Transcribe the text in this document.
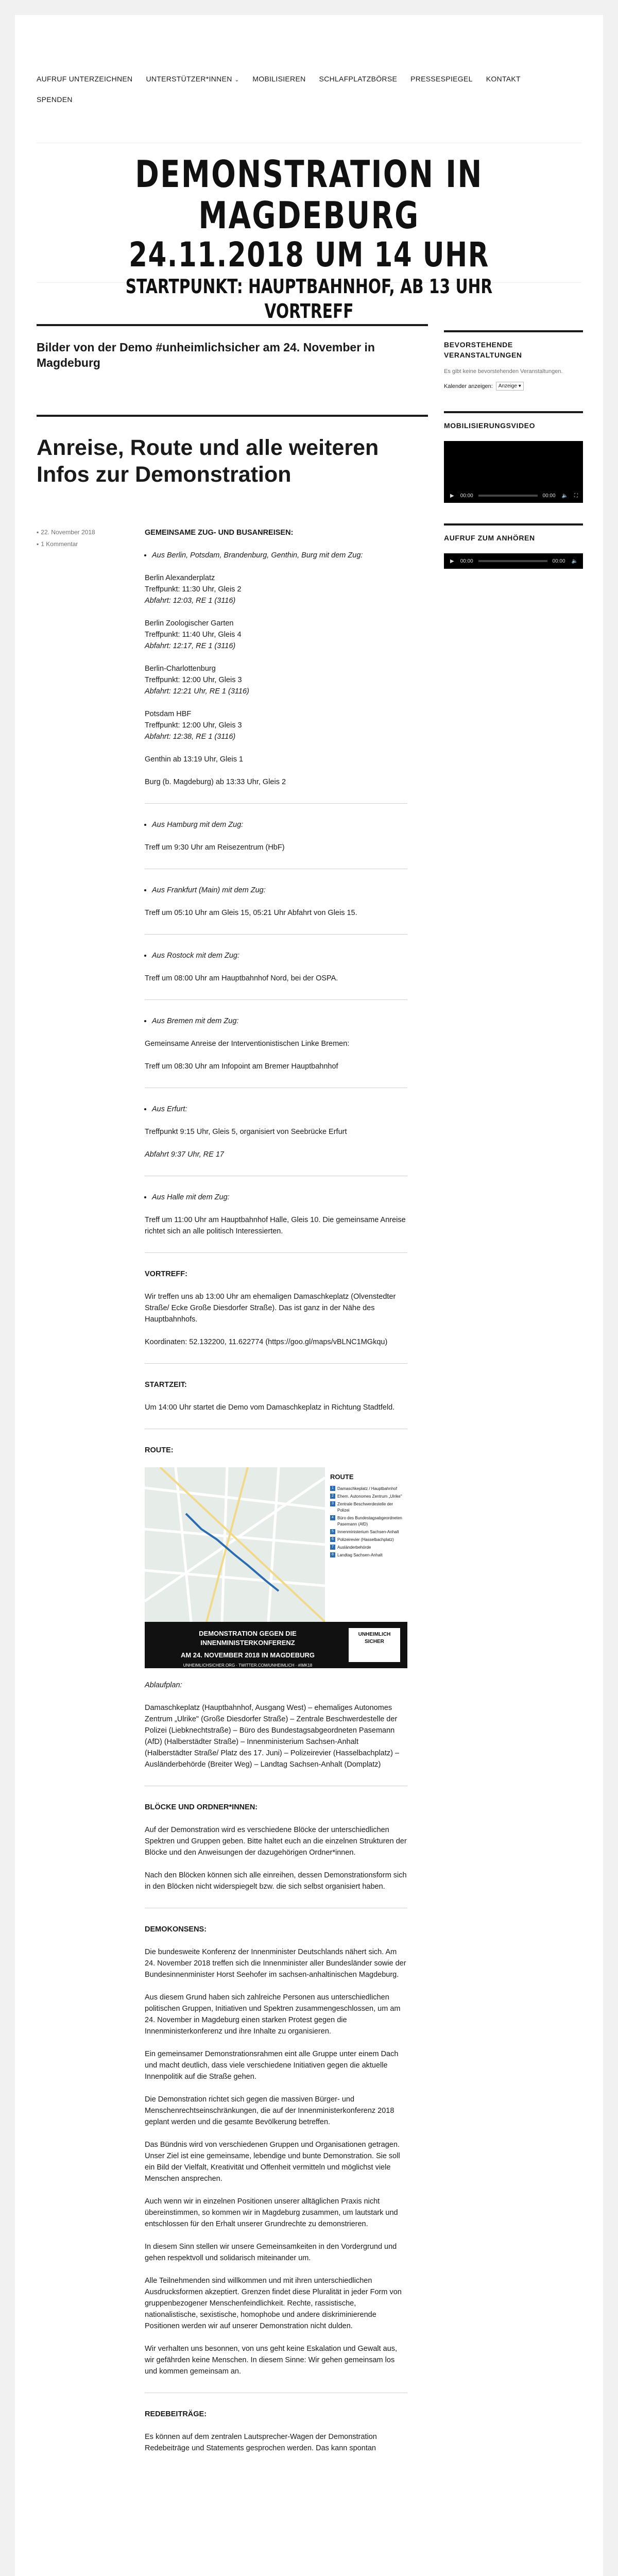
AUFRUF UNTERZEICHNEN UNTERSTÜTZER*INNEN ⌄ MOBILISIEREN SCHLAFPLATZBÖRSE PRESSESPIEGEL KONTAKT
SPENDEN
DEMONSTRATION IN MAGDEBURG
24.11.2018 UM 14 UHR
STARTPUNKT: HAUPTBAHNHOF, AB 13 UHR VORTREFF
Bilder von der Demo #unheimlichsicher am 24. November in Magdeburg
Anreise, Route und alle weiteren Infos zur Demonstration
▪ 22. November 2018
▪ 1 Kommentar

GEMEINSAME ZUG- UND BUSANREISEN:

• Aus Berlin, Potsdam, Brandenburg, Genthin, Burg mit dem Zug:

Berlin Alexanderplatz
Treffpunkt: 11:30 Uhr, Gleis 2
Abfahrt: 12:03, RE 1 (3116)

Berlin Zoologischer Garten
Treffpunkt: 11:40 Uhr, Gleis 4
Abfahrt: 12:17, RE 1 (3116)

Berlin-Charlottenburg
Treffpunkt: 12:00 Uhr, Gleis 3
Abfahrt: 12:21 Uhr, RE 1 (3116)

Potsdam HBF
Treffpunkt: 12:00 Uhr, Gleis 3
Abfahrt: 12:38, RE 1 (3116)

Genthin ab 13:19 Uhr, Gleis 1

Burg (b. Magdeburg) ab 13:33 Uhr, Gleis 2

• Aus Hamburg mit dem Zug:

Treff um 9:30 Uhr am Reisezentrum (HbF)

• Aus Frankfurt (Main) mit dem Zug:

Treff um 05:10 Uhr am Gleis 15, 05:21 Uhr Abfahrt von Gleis 15.

• Aus Rostock mit dem Zug:

Treff um 08:00 Uhr am Hauptbahnhof Nord, bei der OSPA.

• Aus Bremen mit dem Zug:

Gemeinsame Anreise der Interventionistischen Linke Bremen:

Treff um 08:30 Uhr am Infopoint am Bremer Hauptbahnhof

• Aus Erfurt:

Treffpunkt 9:15 Uhr, Gleis 5, organisiert von Seebrücke Erfurt

Abfahrt 9:37 Uhr, RE 17

• Aus Halle mit dem Zug:

Treff um 11:00 Uhr am Hauptbahnhof Halle, Gleis 10. Die gemeinsame Anreise richtet sich an alle politisch Interessierten.

VORTREFF:

Wir treffen uns ab 13:00 Uhr am ehemaligen Damaschkeplatz (Olvenstedter Straße/ Ecke Große Diesdorfer Straße). Das ist ganz in der Nähe des Hauptbahnhofs.

Koordinaten: 52.132200, 11.622774 (https://goo.gl/maps/vBLNC1MGkqu)

STARTZEIT:

Um 14:00 Uhr startet die Demo vom Damaschkeplatz in Richtung Stadtfeld.

ROUTE:

ROUTE
1 Damaschkeplatz / Hauptbahnhof
2 Ehem. Autonomes Zentrum „Ulrike"
3 Zentrale Beschwerdestelle der Polizei
4 Büro des Bundestagsabgeordneten Pasemann (AfD)
5 Innenministerium Sachsen-Anhalt
6 Polizeirevier (Hasselbachplatz)
7 Ausländerbehörde
8 Landtag Sachsen-Anhalt
DEMONSTRATION GEGEN DIE INNENMINISTERKONFERENZ
AM 24. NOVEMBER 2018 IN MAGDEBURG
UNHEIMLICHSICHER.ORG · TWITTER.COM/UNHEIMLICH · #IMK18
UNHEIMLICH SICHER

Ablaufplan:

Damaschkeplatz (Hauptbahnhof, Ausgang West) – ehemaliges Autonomes Zentrum „Ulrike" (Große Diesdorfer Straße) – Zentrale Beschwerdestelle der Polizei (Liebknechtstraße) – Büro des Bundestagsabgeordneten Pasemann (AfD) (Halberstädter Straße) – Innenministerium Sachsen-Anhalt (Halberstädter Straße/ Platz des 17. Juni) – Polizeirevier (Hasselbachplatz) – Ausländerbehörde (Breiter Weg) – Landtag Sachsen-Anhalt (Domplatz)

BLÖCKE UND ORDNER*INNEN:

Auf der Demonstration wird es verschiedene Blöcke der unterschiedlichen Spektren und Gruppen geben. Bitte haltet euch an die einzelnen Strukturen der Blöcke und den Anweisungen der dazugehörigen Ordner*innen.

Nach den Blöcken können sich alle einreihen, dessen Demonstrationsform sich in den Blöcken nicht widerspiegelt bzw. die sich selbst organisiert haben.

DEMOKONSENS:

Die bundesweite Konferenz der Innenminister Deutschlands nähert sich. Am 24. November 2018 treffen sich die Innenminister aller Bundesländer sowie der Bundesinnenminister Horst Seehofer im sachsen-anhaltinischen Magdeburg.

Aus diesem Grund haben sich zahlreiche Personen aus unterschiedlichen politischen Gruppen, Initiativen und Spektren zusammengeschlossen, um am 24. November in Magdeburg einen starken Protest gegen die Innenministerkonferenz und ihre Inhalte zu organisieren.

Ein gemeinsamer Demonstrationsrahmen eint alle Gruppe unter einem Dach und macht deutlich, dass viele verschiedene Initiativen gegen die aktuelle Innenpolitik auf die Straße gehen.

Die Demonstration richtet sich gegen die massiven Bürger- und Menschenrechtseinschränkungen, die auf der Innenministerkonferenz 2018 geplant werden und die gesamte Bevölkerung betreffen.

Das Bündnis wird von verschiedenen Gruppen und Organisationen getragen. Unser Ziel ist eine gemeinsame, lebendige und bunte Demonstration. Sie soll ein Bild der Vielfalt, Kreativität und Offenheit vermitteln und möglichst viele Menschen ansprechen.

Auch wenn wir in einzelnen Positionen unserer alltäglichen Praxis nicht übereinstimmen, so kommen wir in Magdeburg zusammen, um lautstark und entschlossen für den Erhalt unserer Grundrechte zu demonstrieren.

In diesem Sinn stellen wir unsere Gemeinsamkeiten in den Vordergrund und gehen respektvoll und solidarisch miteinander um.

Alle Teilnehmenden sind willkommen und mit ihren unterschiedlichen Ausdrucksformen akzeptiert. Grenzen findet diese Pluralität in jeder Form von gruppenbezogener Menschenfeindlichkeit. Rechte, rassistische, nationalistische, sexistische, homophobe und andere diskriminierende Positionen werden wir auf unserer Demonstration nicht dulden.

Wir verhalten uns besonnen, von uns geht keine Eskalation und Gewalt aus, wir gefährden keine Menschen. In diesem Sinne: Wir gehen gemeinsam los und kommen gemeinsam an.

REDEBEITRÄGE:

Es können auf dem zentralen Lautsprecher-Wagen der Demonstration Redebeiträge und Statements gesprochen werden. Das kann spontan

BEVORSTEHENDE VERANSTALTUNGEN
Es gibt keine bevorstehenden Veranstaltungen.
Kalender anzeigen:	Anzeige ▾
MOBILISIERUNGSVIDEO
▶ 00:00	00:00 🔈 ⛶
AUFRUF ZUM ANHÖREN
▶ 00:00	00:00 🔈
